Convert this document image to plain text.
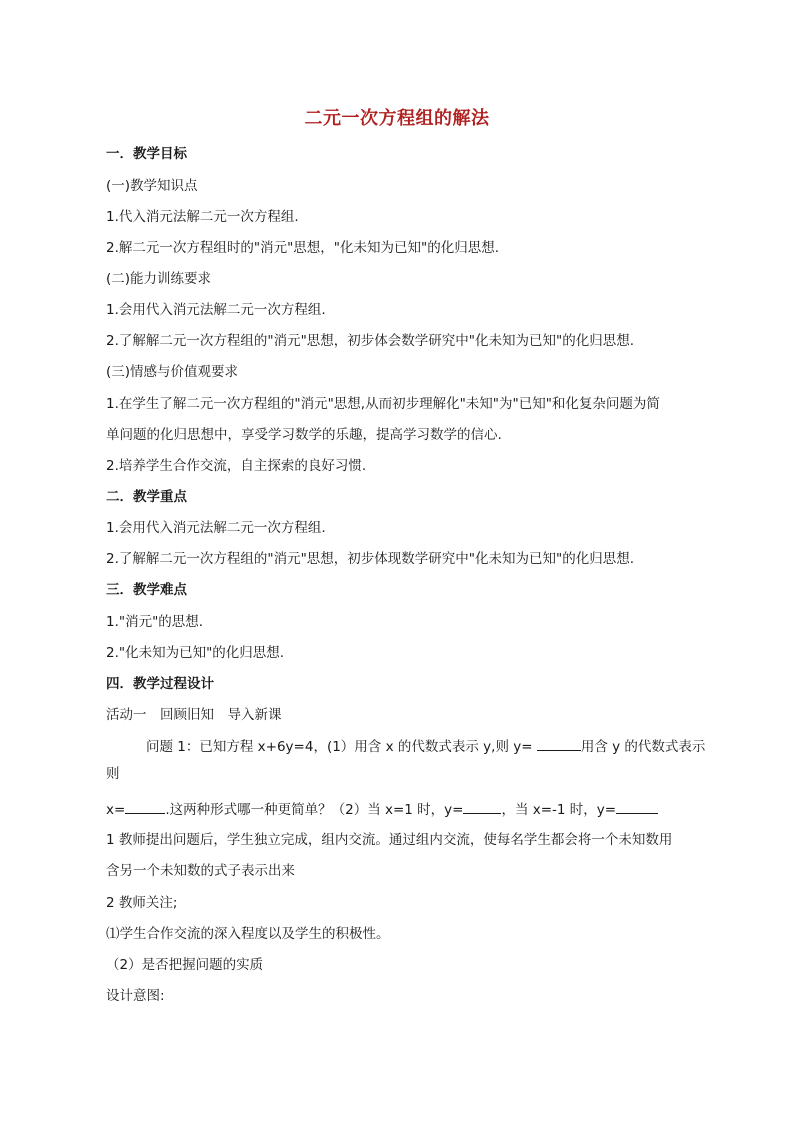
二元一次方程组的解法
一．教学目标
(一)教学知识点
1.代入消元法解二元一次方程组.
2.解二元一次方程组时的"消元"思想，"化未知为已知"的化归思想.
(二)能力训练要求
1.会用代入消元法解二元一次方程组.
2.了解解二元一次方程组的"消元"思想，初步体会数学研究中"化未知为已知"的化归思想.
(三)情感与价值观要求
1.在学生了解二元一次方程组的"消元"思想,从而初步理解化"未知"为"已知"和化复杂问题为简
单问题的化归思想中，享受学习数学的乐趣，提高学习数学的信心.
2.培养学生合作交流，自主探索的良好习惯.
二．教学重点
1.会用代入消元法解二元一次方程组.
2.了解解二元一次方程组的"消元"思想，初步体现数学研究中"化未知为已知"的化归思想.
三．教学难点
1."消元"的思想.
2."化未知为已知"的化归思想.
四．教学过程设计
活动一　回顾旧知　导入新课
问题 1：已知方程 x+6y=4，(1）用含 x 的代数式表示 y,则 y=	用含 y 的代数式表示
则
x=	.这两种形式哪一种更简单？（2）当 x=1 时，y=	，当 x=-1 时，y=
1 教师提出问题后，学生独立完成，组内交流。通过组内交流，使每名学生都会将一个未知数用
含另一个未知数的式子表示出来
2 教师关注;
⑴学生合作交流的深入程度以及学生的积极性。
（2）是否把握问题的实质
设计意图:
